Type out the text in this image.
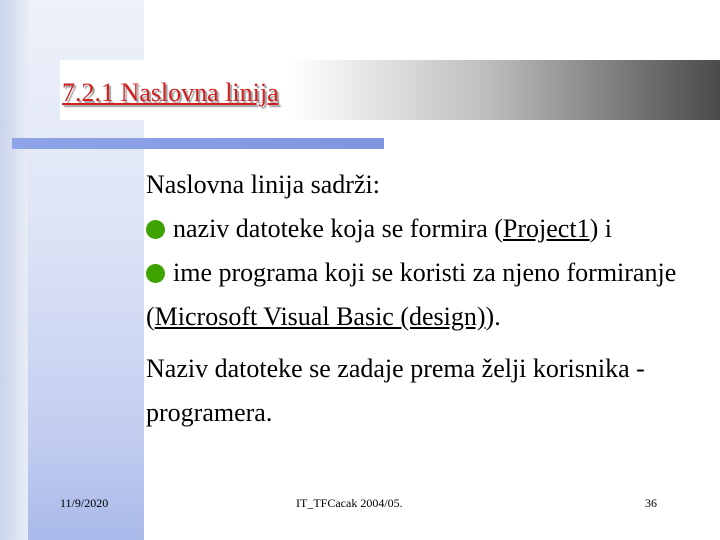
7.2.1 Naslovna linija

Naslovna linija sadrži:

naziv datoteke koja se formira (Project1) i

ime programa koji se koristi za njeno formiranje (Microsoft Visual Basic (design)).

Naziv datoteke se zadaje prema želji korisnika - programera.

11/9/2020	IT_TFCacak 2004/05.	36
